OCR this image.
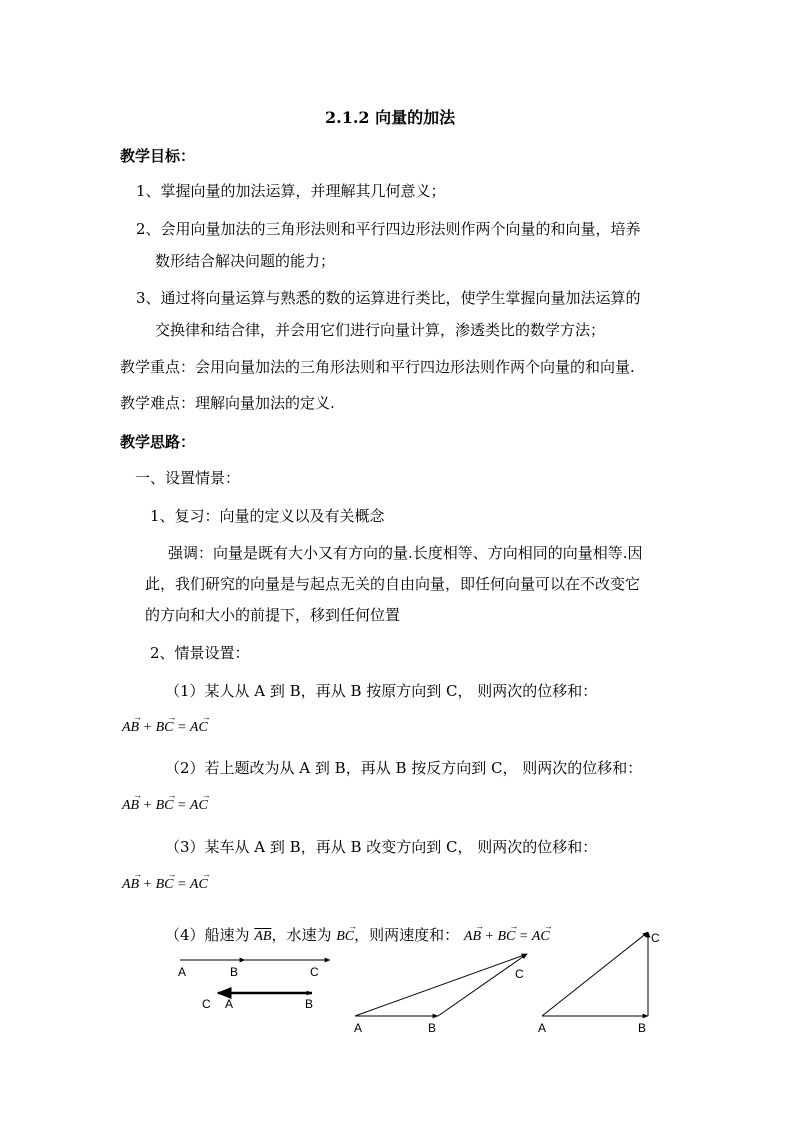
2.1.2 向量的加法
教学目标：
1、掌握向量的加法运算，并理解其几何意义；
2、会用向量加法的三角形法则和平行四边形法则作两个向量的和向量，培养
数形结合解决问题的能力；
3、通过将向量运算与熟悉的数的运算进行类比，使学生掌握向量加法运算的
交换律和结合律，并会用它们进行向量计算，渗透类比的数学方法；
教学重点：会用向量加法的三角形法则和平行四边形法则作两个向量的和向量.
教学难点：理解向量加法的定义.
教学思路：
一、设置情景：
1、复习：向量的定义以及有关概念
强调：向量是既有大小又有方向的量.长度相等、方向相同的向量相等.因
此，我们研究的向量是与起点无关的自由向量，即任何向量可以在不改变它
的方向和大小的前提下，移到任何位置
2、情景设置：
（1）某人从 A 到 B，再从 B 按原方向到 C， 则两次的位移和：
AB → + BC → = AC →
（2）若上题改为从 A 到 B，再从 B 按反方向到 C， 则两次的位移和：
AB → + BC → = AC →
（3）某车从 A 到 B，再从 B 改变方向到 C， 则两次的位移和：
AB → + BC → = AC →
（4）船速为 $\overline{AB}$，水速为 BC →，则两速度和： AB → + BC → = AC →
A	B	C
C A	B
A	B
C
A	B
C
